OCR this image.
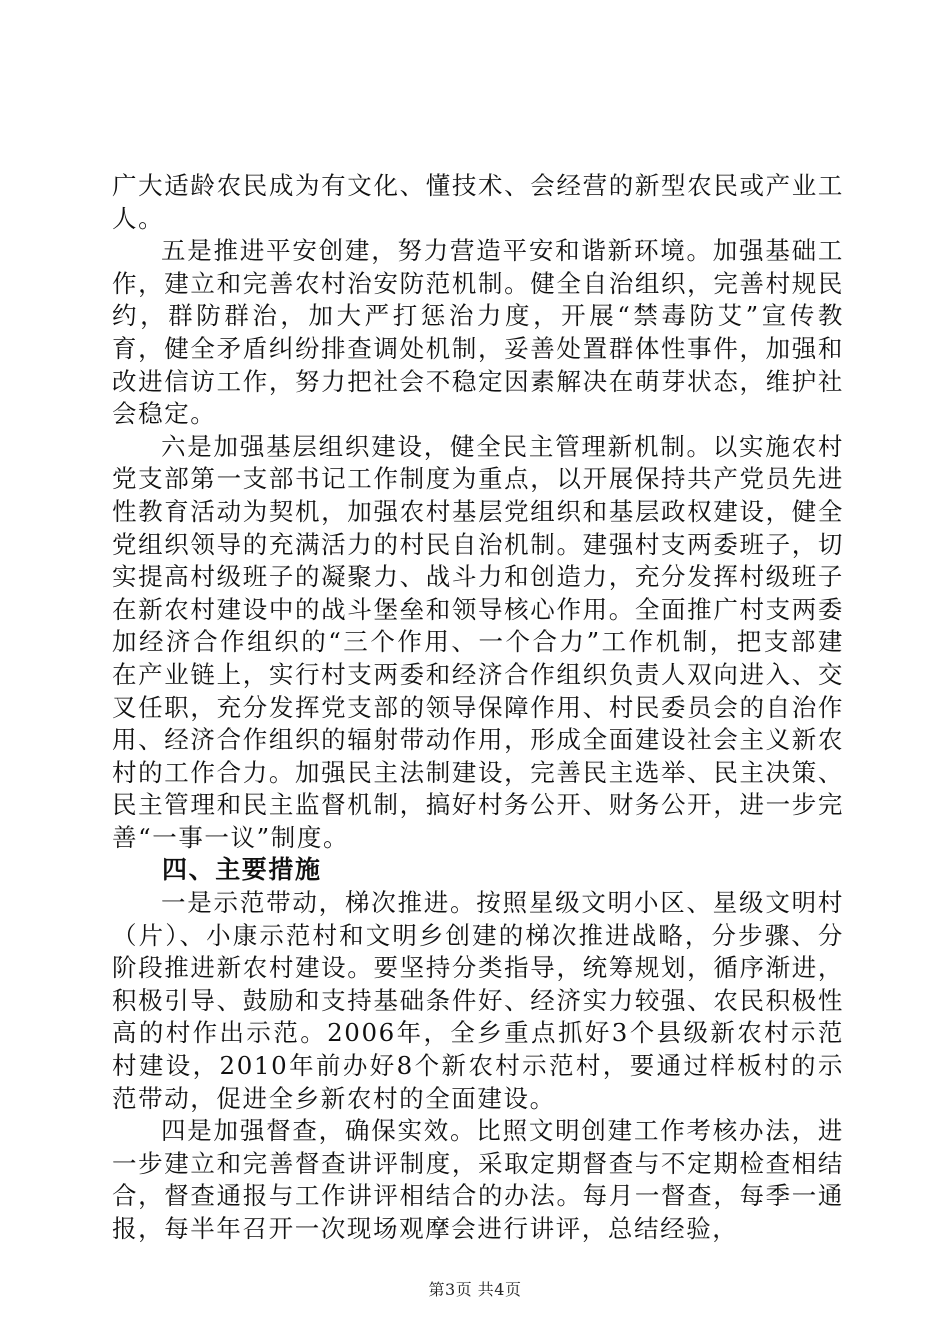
广大适龄农民成为有文化、懂技术、会经营的新型农民或产业工人。

五是推进平安创建，努力营造平安和谐新环境。加强基础工作，建立和完善农村治安防范机制。健全自治组织，完善村规民约，群防群治，加大严打惩治力度，开展“禁毒防艾”宣传教育，健全矛盾纠纷排查调处机制，妥善处置群体性事件，加强和改进信访工作，努力把社会不稳定因素解决在萌芽状态，维护社会稳定。

六是加强基层组织建设，健全民主管理新机制。以实施农村党支部第一支部书记工作制度为重点，以开展保持共产党员先进性教育活动为契机，加强农村基层党组织和基层政权建设，健全党组织领导的充满活力的村民自治机制。建强村支两委班子，切实提高村级班子的凝聚力、战斗力和创造力，充分发挥村级班子在新农村建设中的战斗堡垒和领导核心作用。全面推广村支两委加经济合作组织的“三个作用、一个合力”工作机制，把支部建在产业链上，实行村支两委和经济合作组织负责人双向进入、交叉任职，充分发挥党支部的领导保障作用、村民委员会的自治作用、经济合作组织的辐射带动作用，形成全面建设社会主义新农村的工作合力。加强民主法制建设，完善民主选举、民主决策、民主管理和民主监督机制，搞好村务公开、财务公开，进一步完善“一事一议”制度。

四、主要措施

一是示范带动，梯次推进。按照星级文明小区、星级文明村（片）、小康示范村和文明乡创建的梯次推进战略，分步骤、分阶段推进新农村建设。要坚持分类指导，统筹规划，循序渐进，积极引导、鼓励和支持基础条件好、经济实力较强、农民积极性高的村作出示范。2006年，全乡重点抓好3个县级新农村示范村建设，2010年前办好8个新农村示范村，要通过样板村的示范带动，促进全乡新农村的全面建设。

四是加强督查，确保实效。比照文明创建工作考核办法，进一步建立和完善督查讲评制度，采取定期督查与不定期检查相结合，督查通报与工作讲评相结合的办法。每月一督查，每季一通报，每半年召开一次现场观摩会进行讲评，总结经验，

第3页 共4页
